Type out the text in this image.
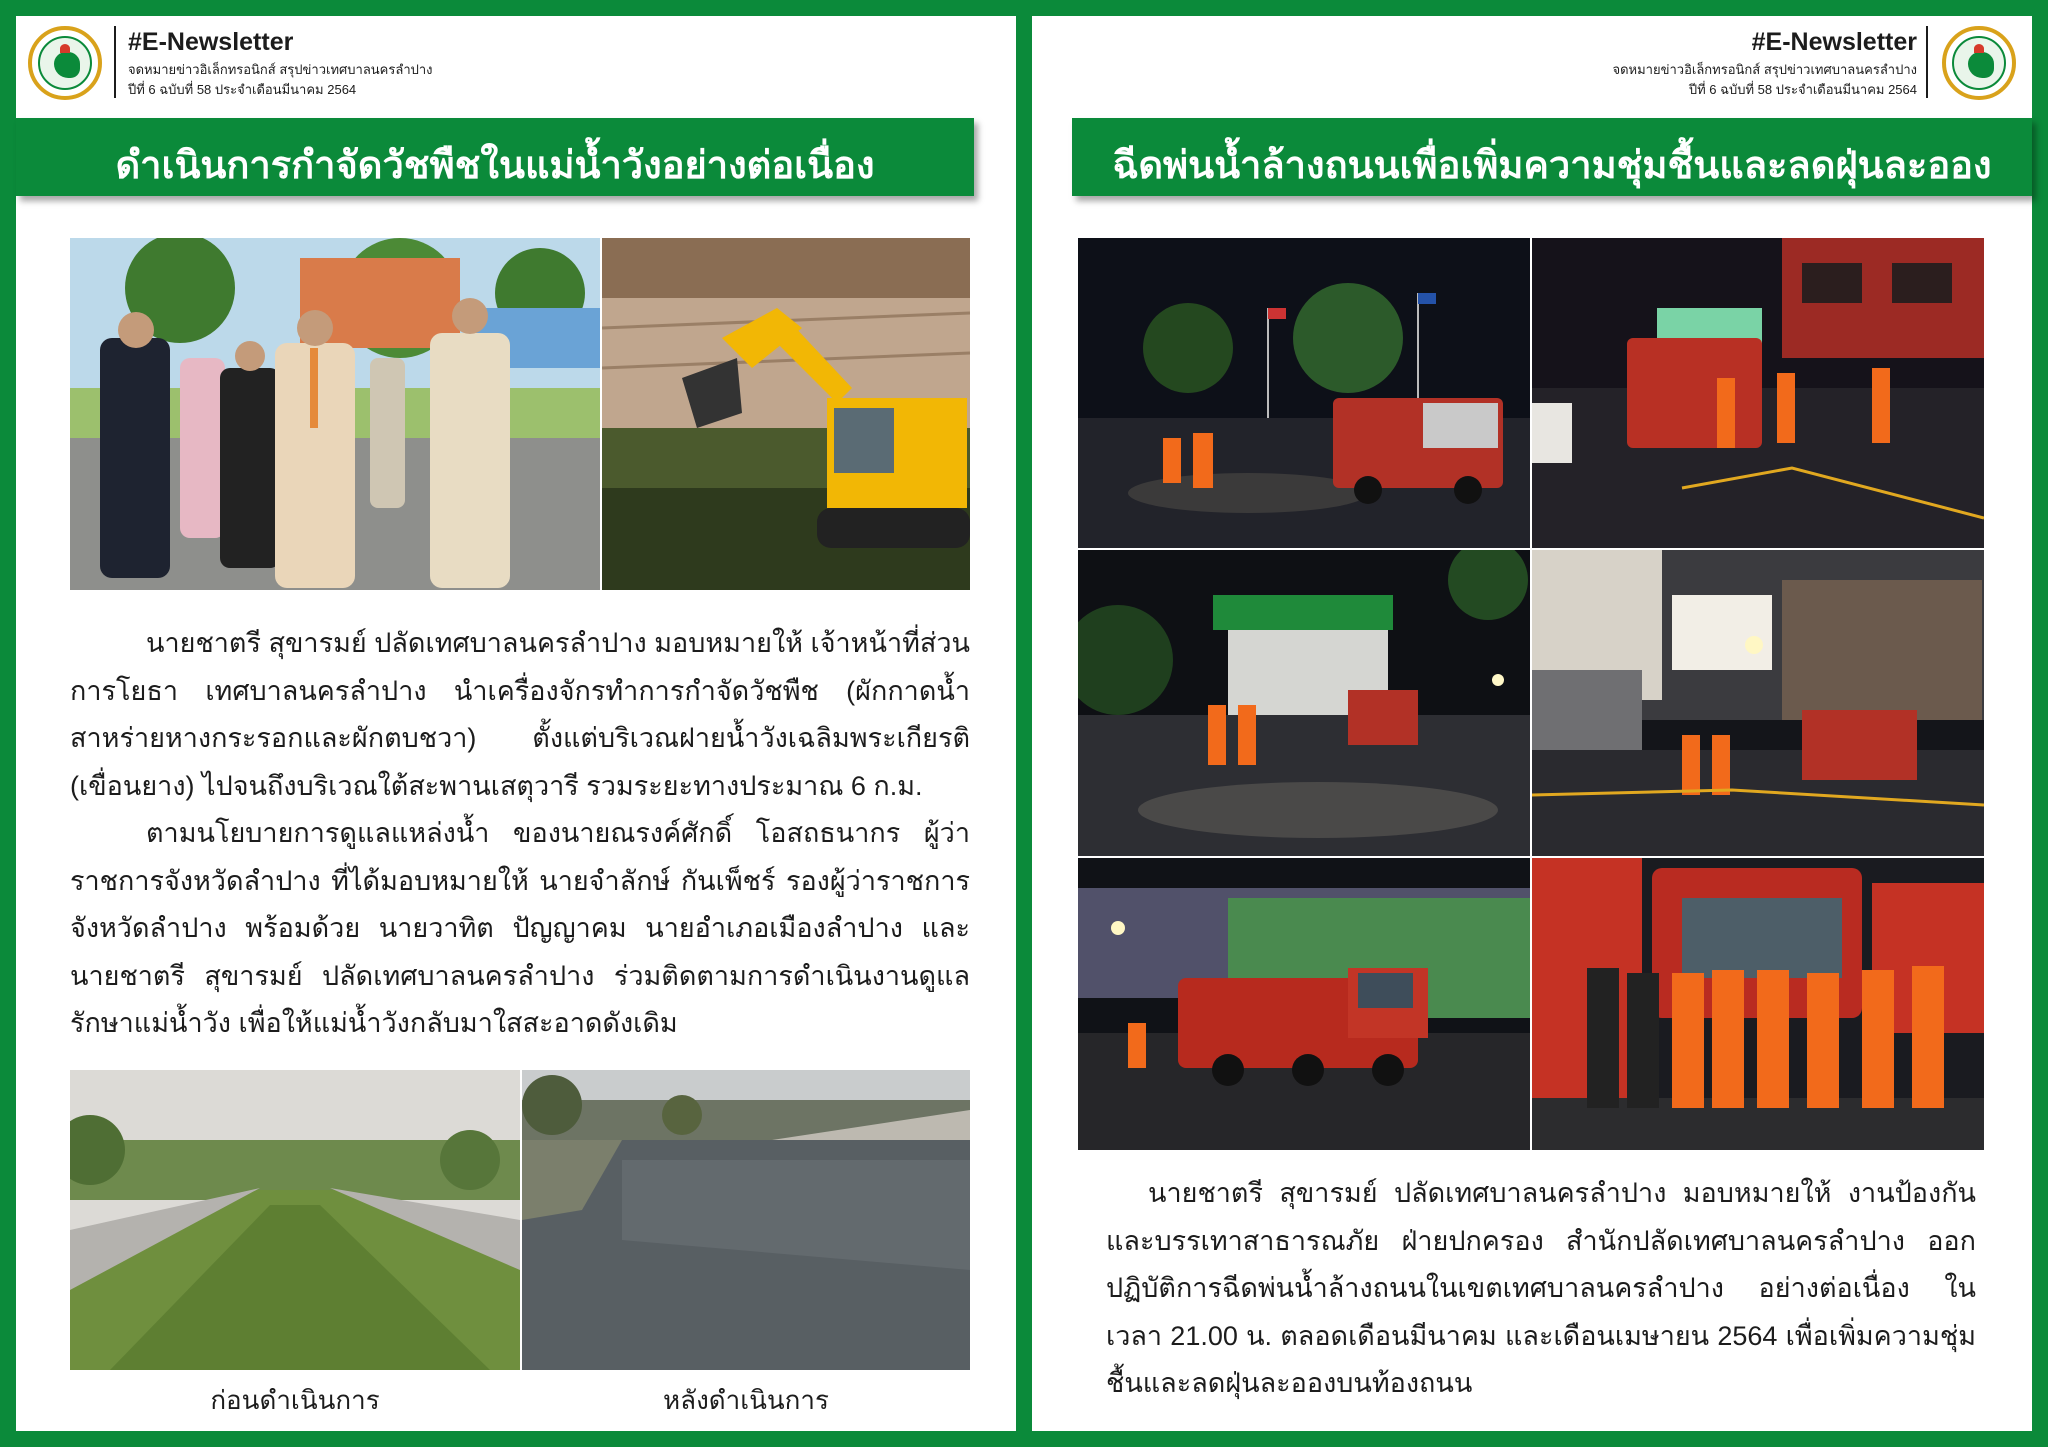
#E-Newsletter
จดหมายข่าวอิเล็กทรอนิกส์ สรุปข่าวเทศบาลนครลำปาง
ปีที่ 6 ฉบับที่ 58 ประจำเดือนมีนาคม 2564
#E-Newsletter
จดหมายข่าวอิเล็กทรอนิกส์ สรุปข่าวเทศบาลนครลำปาง
ปีที่ 6 ฉบับที่ 58 ประจำเดือนมีนาคม 2564
ดำเนินการกำจัดวัชพืชในแม่น้ำวังอย่างต่อเนื่อง	ฉีดพ่นน้ำล้างถนนเพื่อเพิ่มความชุ่มชื้นและลดฝุ่นละออง
นายชาตรี สุขารมย์ ปลัดเทศบาลนครลำปาง มอบหมายให้ เจ้าหน้าที่ส่วนการโยธา เทศบาลนครลำปาง นำเครื่องจักรทำการกำจัดวัชพืช (ผักกาดน้ำ สาหร่ายหางกระรอกและผักตบชวา) ตั้งแต่บริเวณฝายน้ำวังเฉลิมพระเกียรติ (เขื่อนยาง) ไปจนถึงบริเวณใต้สะพานเสตุวารี รวมระยะทางประมาณ 6 ก.ม.
ตามนโยบายการดูแลแหล่งน้ำ ของนายณรงค์ศักดิ์ โอสถธนากร ผู้ว่าราชการจังหวัดลำปาง ที่ได้มอบหมายให้ นายจำลักษ์ กันเพ็ชร์ รองผู้ว่าราชการจังหวัดลำปาง พร้อมด้วย นายวาทิต ปัญญาคม นายอำเภอเมืองลำปาง และ นายชาตรี สุขารมย์ ปลัดเทศบาลนครลำปาง ร่วมติดตามการดำเนินงานดูแลรักษาแม่น้ำวัง เพื่อให้แม่น้ำวังกลับมาใสสะอาดดังเดิม
ก่อนดำเนินการ	หลังดำเนินการ
นายชาตรี สุขารมย์ ปลัดเทศบาลนครลำปาง มอบหมายให้ งานป้องกันและบรรเทาสาธารณภัย ฝ่ายปกครอง สำนักปลัดเทศบาลนครลำปาง ออกปฏิบัติการฉีดพ่นน้ำล้างถนนในเขตเทศบาลนครลำปาง อย่างต่อเนื่อง ในเวลา 21.00 น. ตลอดเดือนมีนาคม และเดือนเมษายน 2564 เพื่อเพิ่มความชุ่มชื้นและลดฝุ่นละอองบนท้องถนน
